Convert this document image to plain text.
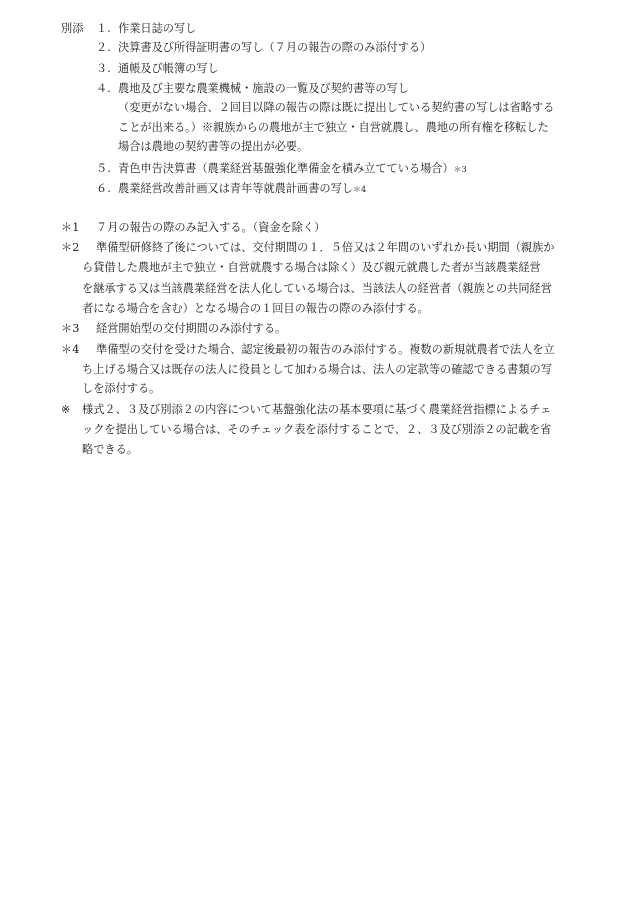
別添 １. 作業日誌の写し
２. 決算書及び所得証明書の写し（７月の報告の際のみ添付する）
３. 通帳及び帳簿の写し
４. 農地及び主要な農業機械・施設の一覧及び契約書等の写し
（変更がない場合、２回目以降の報告の際は既に提出している契約書の写しは省略する
ことが出来る。）※親族からの農地が主で独立・自営就農し、農地の所有権を移転した
場合は農地の契約書等の提出が必要。
５. 青色申告決算書（農業経営基盤強化準備金を積み立てている場合）＊3
６. 農業経営改善計画又は青年等就農計画書の写し＊4
＊1 ７月の報告の際のみ記入する。（資金を除く）
＊2 準備型研修終了後については、交付期間の１．５倍又は２年間のいずれか長い期間（親族か
ら貸借した農地が主で独立・自営就農する場合は除く）及び親元就農した者が当該農業経営
を継承する又は当該農業経営を法人化している場合は、当該法人の経営者（親族との共同経営
者になる場合を含む）となる場合の１回目の報告の際のみ添付する。
＊3 経営開始型の交付期間のみ添付する。
＊4 準備型の交付を受けた場合、認定後最初の報告のみ添付する。複数の新規就農者で法人を立
ち上げる場合又は既存の法人に役員として加わる場合は、法人の定款等の確認できる書類の写
しを添付する。
※ 様式２、３及び別添２の内容について基盤強化法の基本要項に基づく農業経営指標によるチェ
ックを提出している場合は、そのチェック表を添付することで、２、３及び別添２の記載を省
略できる。
